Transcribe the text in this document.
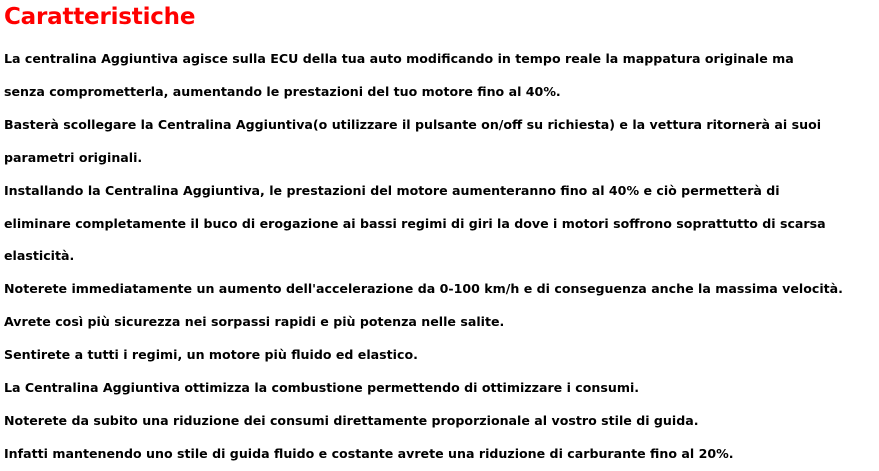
Caratteristiche

La centralina Aggiuntiva agisce sulla ECU della tua auto modificando in tempo reale la mappatura originale ma

senza comprometterla, aumentando le prestazioni del tuo motore fino al 40%.

Basterà scollegare la Centralina Aggiuntiva(o utilizzare il pulsante on/off su richiesta) e la vettura ritornerà ai suoi

parametri originali.

Installando la Centralina Aggiuntiva, le prestazioni del motore aumenteranno fino al 40% e ciò permetterà di

eliminare completamente il buco di erogazione ai bassi regimi di giri la dove i motori soffrono soprattutto di scarsa

elasticità.

Noterete immediatamente un aumento dell'accelerazione da 0-100 km/h e di conseguenza anche la massima velocità.

Avrete così più sicurezza nei sorpassi rapidi e più potenza nelle salite.

Sentirete a tutti i regimi, un motore più fluido ed elastico.

La Centralina Aggiuntiva ottimizza la combustione permettendo di ottimizzare i consumi.

Noterete da subito una riduzione dei consumi direttamente proporzionale al vostro stile di guida.

Infatti mantenendo uno stile di guida fluido e costante avrete una riduzione di carburante fino al 20%.
